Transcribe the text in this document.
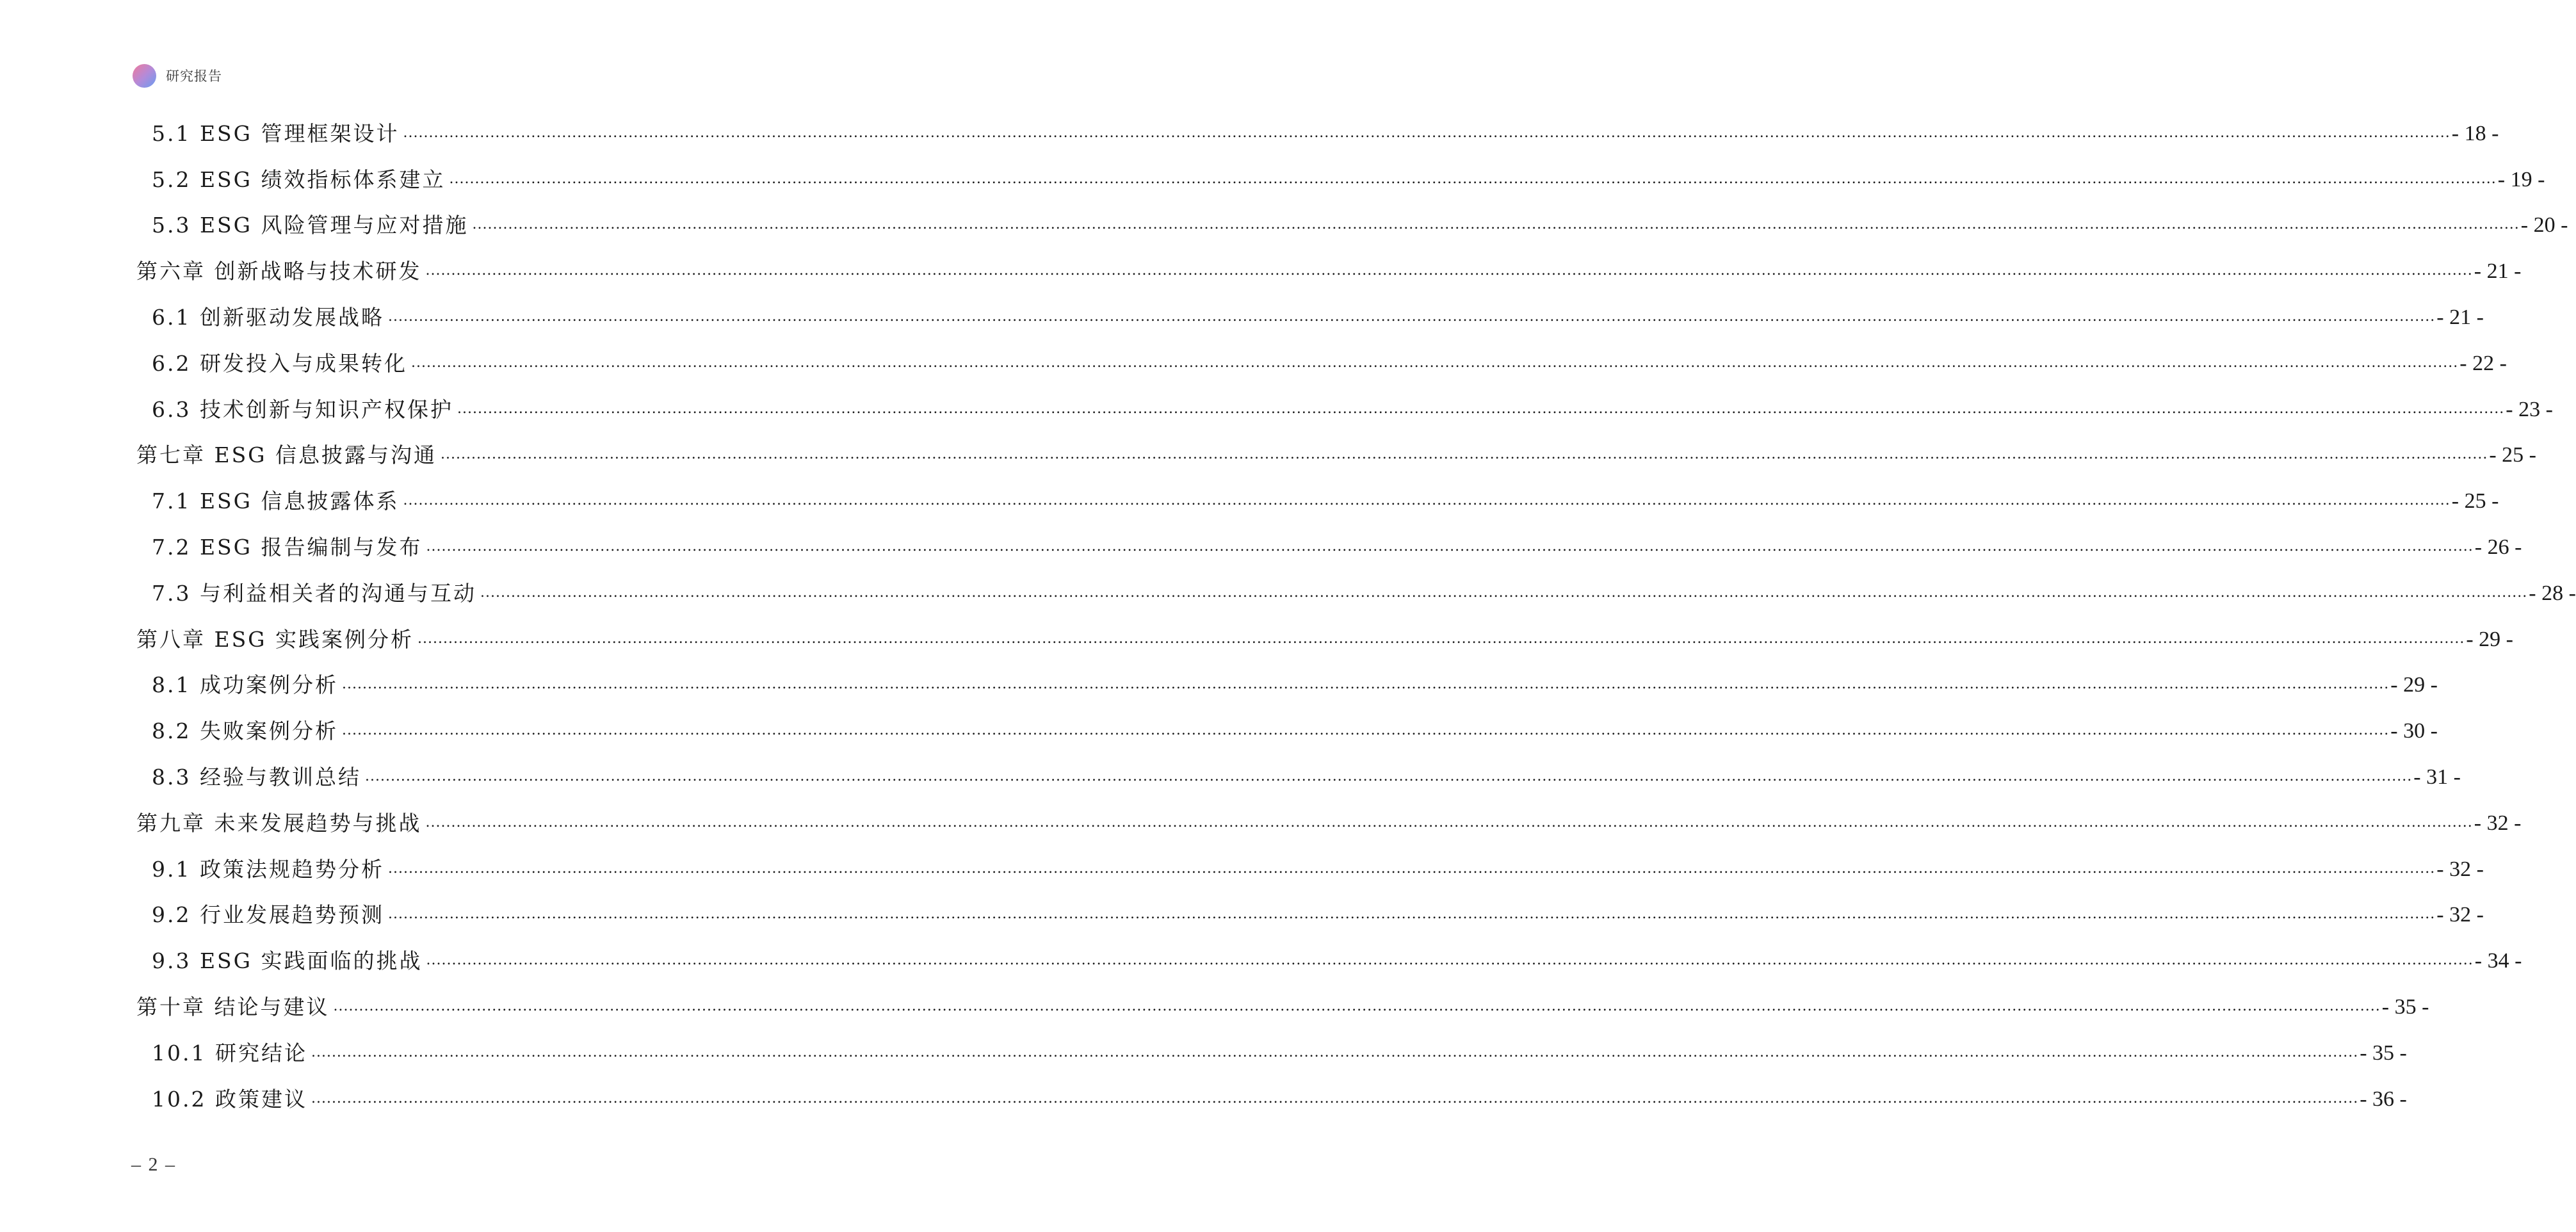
研究报告
5.1 ESG 管理框架设计 ................................................................................................................................................................................................................................................................................................................................................................................................................ - 18 -
5.2 ESG 绩效指标体系建立 ................................................................................................................................................................................................................................................................................................................................................................................................................ - 19 -
5.3 ESG 风险管理与应对措施 ................................................................................................................................................................................................................................................................................................................................................................................................................ - 20 -
第六章 创新战略与技术研发 ................................................................................................................................................................................................................................................................................................................................................................................................................ - 21 -
6.1 创新驱动发展战略 ................................................................................................................................................................................................................................................................................................................................................................................................................ - 21 -
6.2 研发投入与成果转化 ................................................................................................................................................................................................................................................................................................................................................................................................................ - 22 -
6.3 技术创新与知识产权保护 ................................................................................................................................................................................................................................................................................................................................................................................................................ - 23 -
第七章 ESG 信息披露与沟通 ................................................................................................................................................................................................................................................................................................................................................................................................................ - 25 -
7.1 ESG 信息披露体系 ................................................................................................................................................................................................................................................................................................................................................................................................................ - 25 -
7.2 ESG 报告编制与发布 ................................................................................................................................................................................................................................................................................................................................................................................................................ - 26 -
7.3 与利益相关者的沟通与互动 ................................................................................................................................................................................................................................................................................................................................................................................................................ - 28 -
第八章 ESG 实践案例分析 ................................................................................................................................................................................................................................................................................................................................................................................................................ - 29 -
8.1 成功案例分析 ................................................................................................................................................................................................................................................................................................................................................................................................................ - 29 -
8.2 失败案例分析 ................................................................................................................................................................................................................................................................................................................................................................................................................ - 30 -
8.3 经验与教训总结 ................................................................................................................................................................................................................................................................................................................................................................................................................ - 31 -
第九章 未来发展趋势与挑战 ................................................................................................................................................................................................................................................................................................................................................................................................................ - 32 -
9.1 政策法规趋势分析 ................................................................................................................................................................................................................................................................................................................................................................................................................ - 32 -
9.2 行业发展趋势预测 ................................................................................................................................................................................................................................................................................................................................................................................................................ - 32 -
9.3 ESG 实践面临的挑战 ................................................................................................................................................................................................................................................................................................................................................................................................................ - 34 -
第十章 结论与建议 ................................................................................................................................................................................................................................................................................................................................................................................................................ - 35 -
10.1 研究结论 ................................................................................................................................................................................................................................................................................................................................................................................................................ - 35 -
10.2 政策建议 ................................................................................................................................................................................................................................................................................................................................................................................................................ - 36 -
– 2 –
